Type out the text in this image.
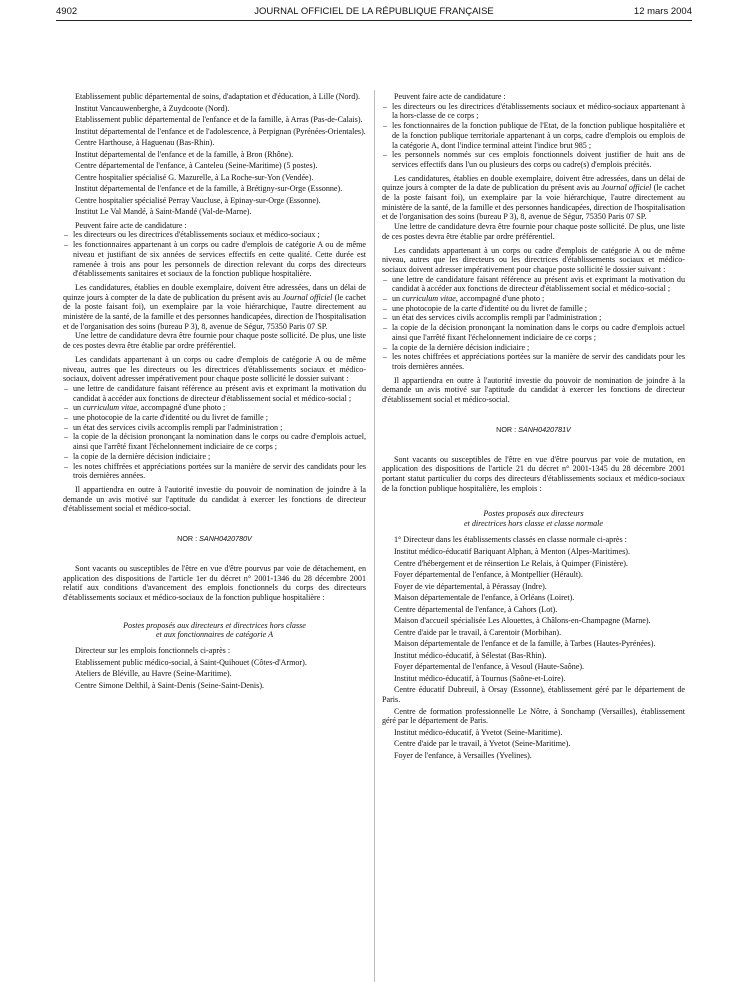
4902	JOURNAL OFFICIEL DE LA RÉPUBLIQUE FRANÇAISE	12 mars 2004

Etablissement public départemental de soins, d'adaptation et d'éducation, à Lille (Nord).

Institut Vancauwenberghe, à Zuydcoote (Nord).

Etablissement public départemental de l'enfance et de la famille, à Arras (Pas-de-Calais).

Institut départemental de l'enfance et de l'adolescence, à Perpignan (Pyrénées-Orientales).

Centre Harthouse, à Haguenau (Bas-Rhin).

Institut départemental de l'enfance et de la famille, à Bron (Rhône).

Centre départemental de l'enfance, à Canteleu (Seine-Maritime) (5 postes).

Centre hospitalier spécialisé G. Mazurelle, à La Roche-sur-Yon (Vendée).

Institut départemental de l'enfance et de la famille, à Brétigny-sur-Orge (Essonne).

Centre hospitalier spécialisé Perray Vaucluse, à Epinay-sur-Orge (Essonne).

Institut Le Val Mandé, à Saint-Mandé (Val-de-Marne).

Peuvent faire acte de candidature :

– les directeurs ou les directrices d'établissements sociaux et médico-sociaux ;
– les fonctionnaires appartenant à un corps ou cadre d'emplois de catégorie A ou de même niveau et justifiant de six années de services effectifs en cette qualité. Cette durée est ramenée à trois ans pour les personnels de direction relevant du corps des directeurs d'établissements sanitaires et sociaux de la fonction publique hospitalière.

Les candidatures, établies en double exemplaire, doivent être adressées, dans un délai de quinze jours à compter de la date de publication du présent avis au Journal officiel (le cachet de la poste faisant foi), un exemplaire par la voie hiérarchique, l'autre directement au ministère de la santé, de la famille et des personnes handicapées, direction de l'hospitalisation et de l'organisation des soins (bureau P 3), 8, avenue de Ségur, 75350 Paris 07 SP.

Une lettre de candidature devra être fournie pour chaque poste sollicité. De plus, une liste de ces postes devra être établie par ordre préférentiel.

Les candidats appartenant à un corps ou cadre d'emplois de catégorie A ou de même niveau, autres que les directeurs ou les directrices d'établissements sociaux et médico-sociaux, doivent adresser impérativement pour chaque poste sollicité le dossier suivant :

– une lettre de candidature faisant référence au présent avis et exprimant la motivation du candidat à accéder aux fonctions de directeur d'établissement social et médico-social ;
– un curriculum vitae, accompagné d'une photo ;
– une photocopie de la carte d'identité ou du livret de famille ;
– un état des services civils accomplis rempli par l'administration ;
– la copie de la décision prononçant la nomination dans le corps ou cadre d'emplois actuel, ainsi que l'arrêté fixant l'échelonnement indiciaire de ce corps ;
– la copie de la dernière décision indiciaire ;
– les notes chiffrées et appréciations portées sur la manière de servir des candidats pour les trois dernières années.

Il appartiendra en outre à l'autorité investie du pouvoir de nomination de joindre à la demande un avis motivé sur l'aptitude du candidat à exercer les fonctions de directeur d'établissement social et médico-social.

NOR : SANH0420780V

Sont vacants ou susceptibles de l'être en vue d'être pourvus par voie de détachement, en application des dispositions de l'article 1er du décret n° 2001-1346 du 28 décembre 2001 relatif aux conditions d'avancement des emplois fonctionnels du corps des directeurs d'établissements sociaux et médico-sociaux de la fonction publique hospitalière :

Postes proposés aux directeurs et directrices hors classe
et aux fonctionnaires de catégorie A

Directeur sur les emplois fonctionnels ci-après :

Etablissement public médico-social, à Saint-Quihouet (Côtes-d'Armor).

Ateliers de Bléville, au Havre (Seine-Maritime).

Centre Simone Delthil, à Saint-Denis (Seine-Saint-Denis).

Peuvent faire acte de candidature :

– les directeurs ou les directrices d'établissements sociaux et médico-sociaux appartenant à la hors-classe de ce corps ;
– les fonctionnaires de la fonction publique de l'Etat, de la fonction publique hospitalière et de la fonction publique territoriale appartenant à un corps, cadre d'emplois ou emplois de la catégorie A, dont l'indice terminal atteint l'indice brut 985 ;
– les personnels nommés sur ces emplois fonctionnels doivent justifier de huit ans de services effectifs dans l'un ou plusieurs des corps ou cadre(s) d'emplois précités.

Les candidatures, établies en double exemplaire, doivent être adressées, dans un délai de quinze jours à compter de la date de publication du présent avis au Journal officiel (le cachet de la poste faisant foi), un exemplaire par la voie hiérarchique, l'autre directement au ministère de la santé, de la famille et des personnes handicapées, direction de l'hospitalisation et de l'organisation des soins (bureau P 3), 8, avenue de Ségur, 75350 Paris 07 SP.

Une lettre de candidature devra être fournie pour chaque poste sollicité. De plus, une liste de ces postes devra être établie par ordre préférentiel.

Les candidats appartenant à un corps ou cadre d'emplois de catégorie A ou de même niveau, autres que les directeurs ou les directrices d'établissements sociaux et médico-sociaux doivent adresser impérativement pour chaque poste sollicité le dossier suivant :

– une lettre de candidature faisant référence au présent avis et exprimant la motivation du candidat à accéder aux fonctions de directeur d'établissement social et médico-social ;
– un curriculum vitae, accompagné d'une photo ;
– une photocopie de la carte d'identité ou du livret de famille ;
– un état des services civils accomplis rempli par l'administration ;
– la copie de la décision prononçant la nomination dans le corps ou cadre d'emplois actuel ainsi que l'arrêté fixant l'échelonnement indiciaire de ce corps ;
– la copie de la dernière décision indiciaire ;
– les notes chiffrées et appréciations portées sur la manière de servir des candidats pour les trois dernières années.

Il appartiendra en outre à l'autorité investie du pouvoir de nomination de joindre à la demande un avis motivé sur l'aptitude du candidat à exercer les fonctions de directeur d'établissement social et médico-social.

NOR : SANH0420781V

Sont vacants ou susceptibles de l'être en vue d'être pourvus par voie de mutation, en application des dispositions de l'article 21 du décret n° 2001-1345 du 28 décembre 2001 portant statut particulier du corps des directeurs d'établissements sociaux et médico-sociaux de la fonction publique hospitalière, les emplois :

Postes proposés aux directeurs
et directrices hors classe et classe normale

1° Directeur dans les établissements classés en classe normale ci-après :

Institut médico-éducatif Bariquant Alphan, à Menton (Alpes-Maritimes).

Centre d'hébergement et de réinsertion Le Relais, à Quimper (Finistère).

Foyer départemental de l'enfance, à Montpellier (Hérault).

Foyer de vie départemental, à Pérassay (Indre).

Maison départementale de l'enfance, à Orléans (Loiret).

Centre départemental de l'enfance, à Cahors (Lot).

Maison d'accueil spécialisée Les Alouettes, à Châlons-en-Champagne (Marne).

Centre d'aide par le travail, à Carentoir (Morbihan).

Maison départementale de l'enfance et de la famille, à Tarbes (Hautes-Pyrénées).

Institut médico-éducatif, à Sélestat (Bas-Rhin).

Foyer départemental de l'enfance, à Vesoul (Haute-Saône).

Institut médico-éducatif, à Tournus (Saône-et-Loire).

Centre éducatif Dubreuil, à Orsay (Essonne), établissement géré par le département de Paris.

Centre de formation professionnelle Le Nôtre, à Sonchamp (Versailles), établissement géré par le département de Paris.

Institut médico-éducatif, à Yvetot (Seine-Maritime).

Centre d'aide par le travail, à Yvetot (Seine-Maritime).

Foyer de l'enfance, à Versailles (Yvelines).
